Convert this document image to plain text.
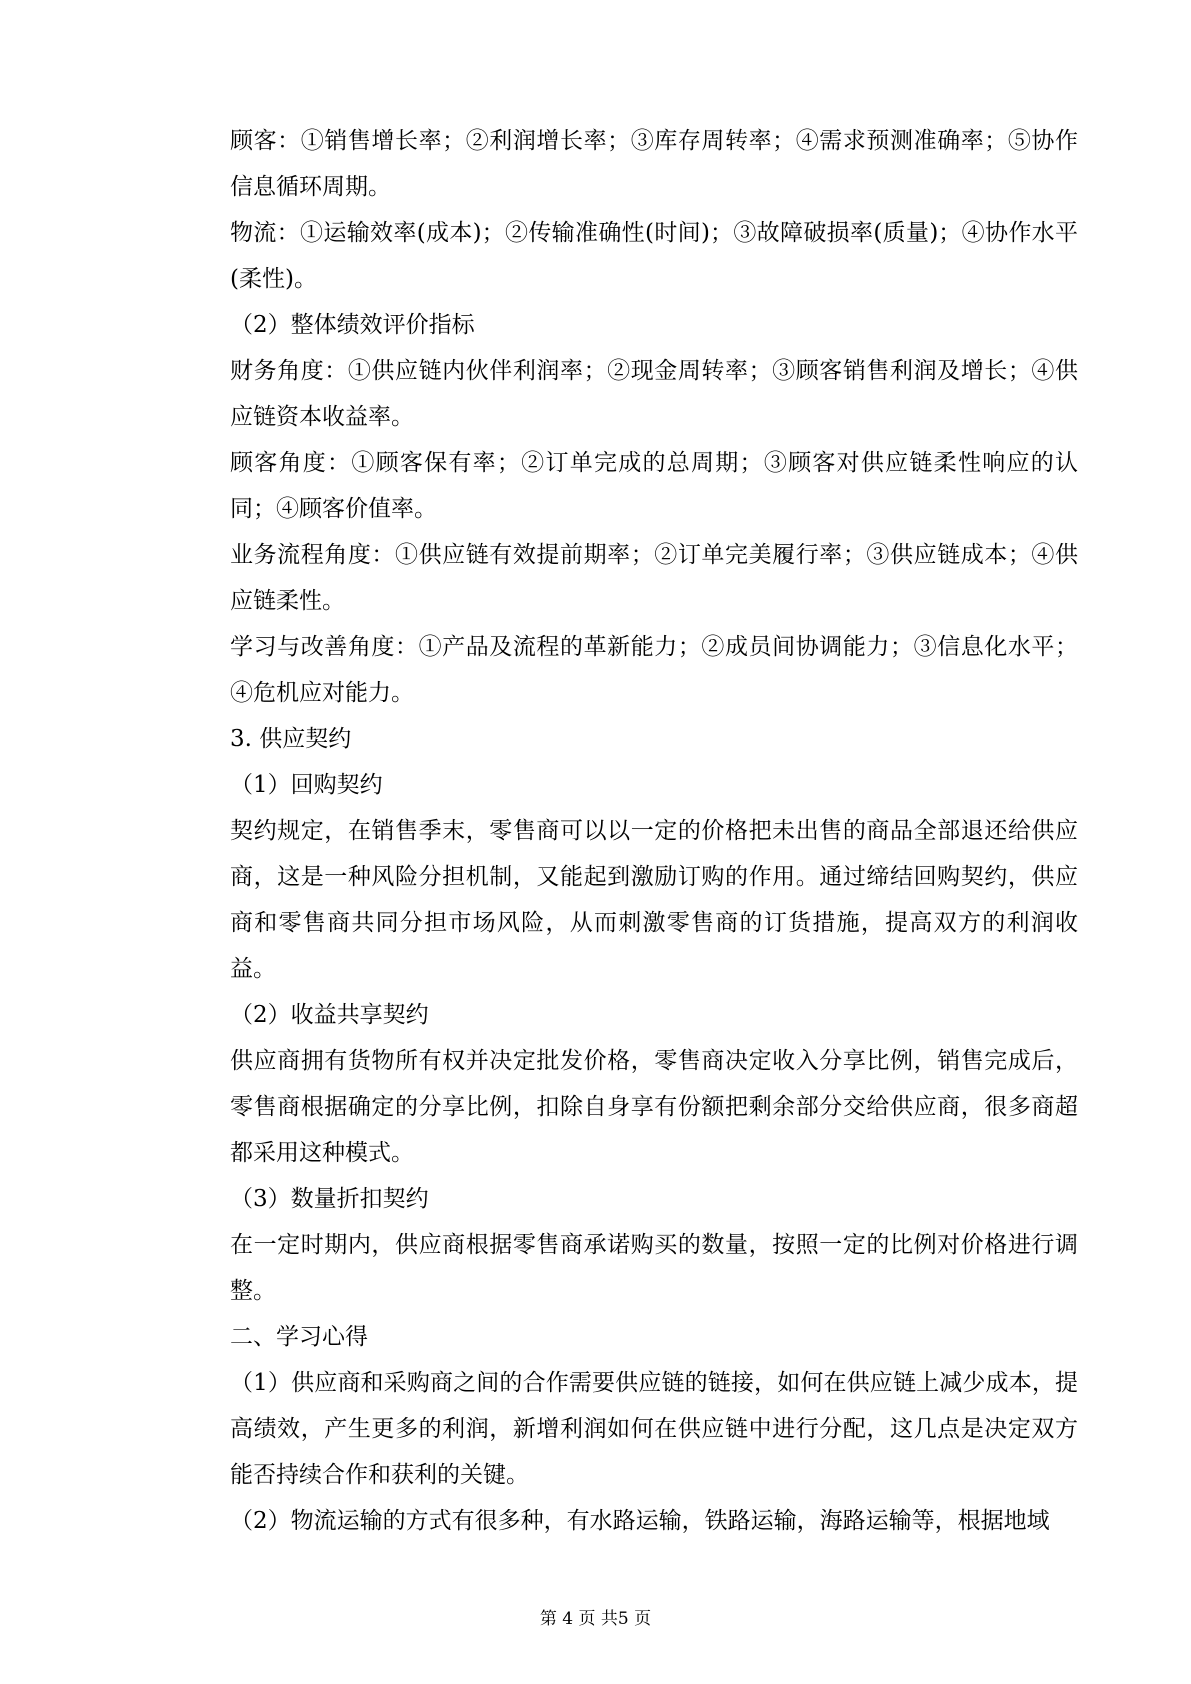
顾客：①销售增长率；②利润增长率；③库存周转率；④需求预测准确率；⑤协作信息循环周期。

物流：①运输效率(成本)；②传输准确性(时间)；③故障破损率(质量)；④协作水平(柔性)。

（2）整体绩效评价指标

财务角度：①供应链内伙伴利润率；②现金周转率；③顾客销售利润及增长；④供应链资本收益率。

顾客角度：①顾客保有率；②订单完成的总周期；③顾客对供应链柔性响应的认同；④顾客价值率。

业务流程角度：①供应链有效提前期率；②订单完美履行率；③供应链成本；④供应链柔性。

学习与改善角度：①产品及流程的革新能力；②成员间协调能力；③信息化水平；④危机应对能力。

3. 供应契约

（1）回购契约

契约规定，在销售季末，零售商可以以一定的价格把未出售的商品全部退还给供应商，这是一种风险分担机制，又能起到激励订购的作用。通过缔结回购契约，供应商和零售商共同分担市场风险，从而刺激零售商的订货措施，提高双方的利润收益。

（2）收益共享契约

供应商拥有货物所有权并决定批发价格，零售商决定收入分享比例，销售完成后，零售商根据确定的分享比例，扣除自身享有份额把剩余部分交给供应商，很多商超都采用这种模式。

（3）数量折扣契约

在一定时期内，供应商根据零售商承诺购买的数量，按照一定的比例对价格进行调整。

二、学习心得

（1）供应商和采购商之间的合作需要供应链的链接，如何在供应链上减少成本，提高绩效，产生更多的利润，新增利润如何在供应链中进行分配，这几点是决定双方能否持续合作和获利的关键。

（2）物流运输的方式有很多种，有水路运输，铁路运输，海路运输等，根据地域

第 4 页 共5 页
